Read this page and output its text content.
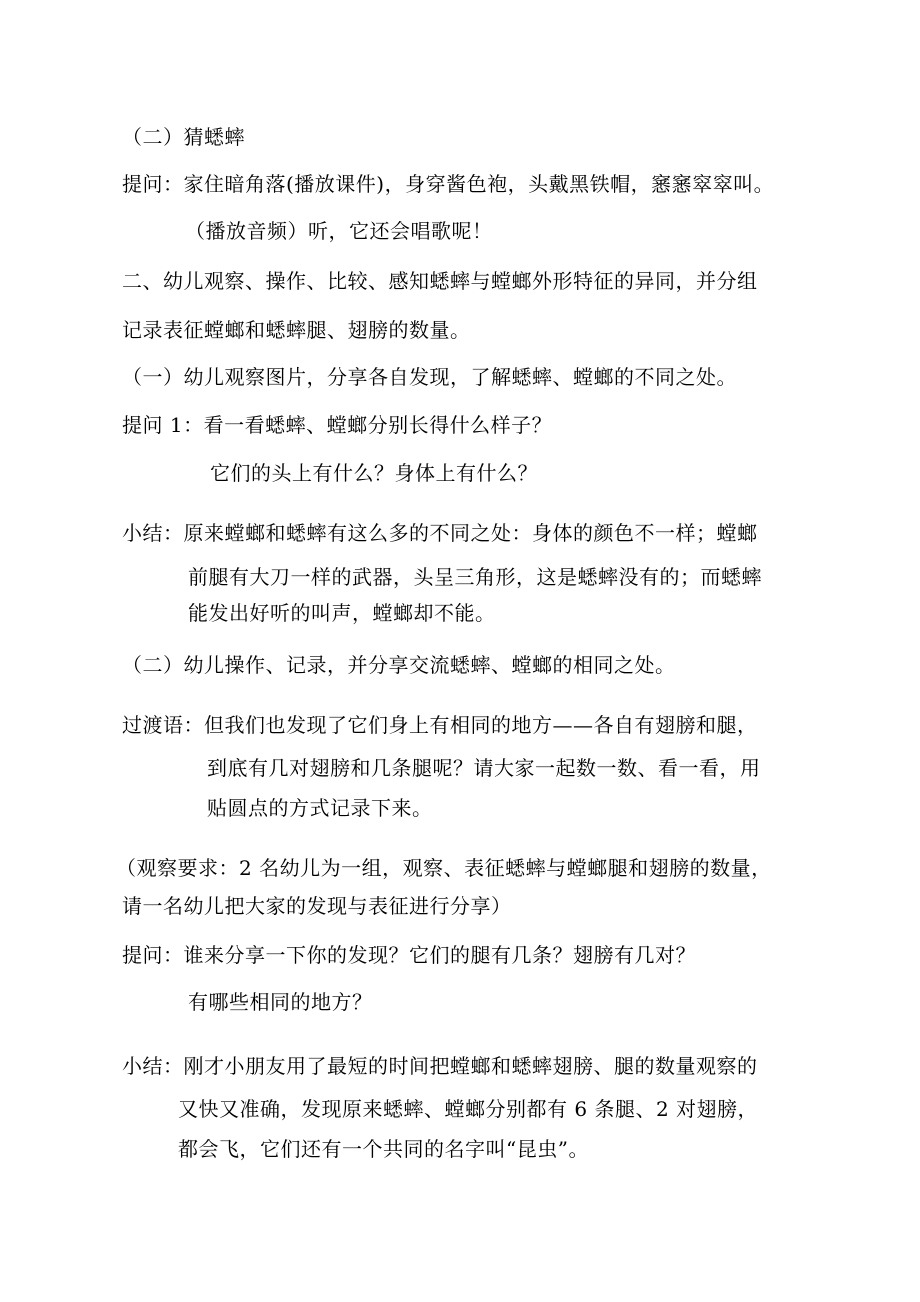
（二）猜蟋蟀
提问：家住暗角落(播放课件)，身穿酱色袍，头戴黑铁帽，窸窸窣窣叫。
（播放音频）听，它还会唱歌呢！
二、幼儿观察、操作、比较、感知蟋蟀与螳螂外形特征的异同，并分组
记录表征螳螂和蟋蟀腿、翅膀的数量。
（一）幼儿观察图片，分享各自发现，了解蟋蟀、螳螂的不同之处。
提问 1：看一看蟋蟀、螳螂分别长得什么样子？
它们的头上有什么？身体上有什么？
小结：原来螳螂和蟋蟀有这么多的不同之处：身体的颜色不一样；螳螂
前腿有大刀一样的武器，头呈三角形，这是蟋蟀没有的；而蟋蟀
能发出好听的叫声，螳螂却不能。
（二）幼儿操作、记录，并分享交流蟋蟀、螳螂的相同之处。
过渡语：但我们也发现了它们身上有相同的地方——各自有翅膀和腿，
到底有几对翅膀和几条腿呢？请大家一起数一数、看一看，用
贴圆点的方式记录下来。
（观察要求：2 名幼儿为一组，观察、表征蟋蟀与螳螂腿和翅膀的数量，
请一名幼儿把大家的发现与表征进行分享）
提问：谁来分享一下你的发现？它们的腿有几条？翅膀有几对？
有哪些相同的地方？
小结：刚才小朋友用了最短的时间把螳螂和蟋蟀翅膀、腿的数量观察的
又快又准确，发现原来蟋蟀、螳螂分别都有 6 条腿、2 对翅膀，
都会飞，它们还有一个共同的名字叫“昆虫”。
